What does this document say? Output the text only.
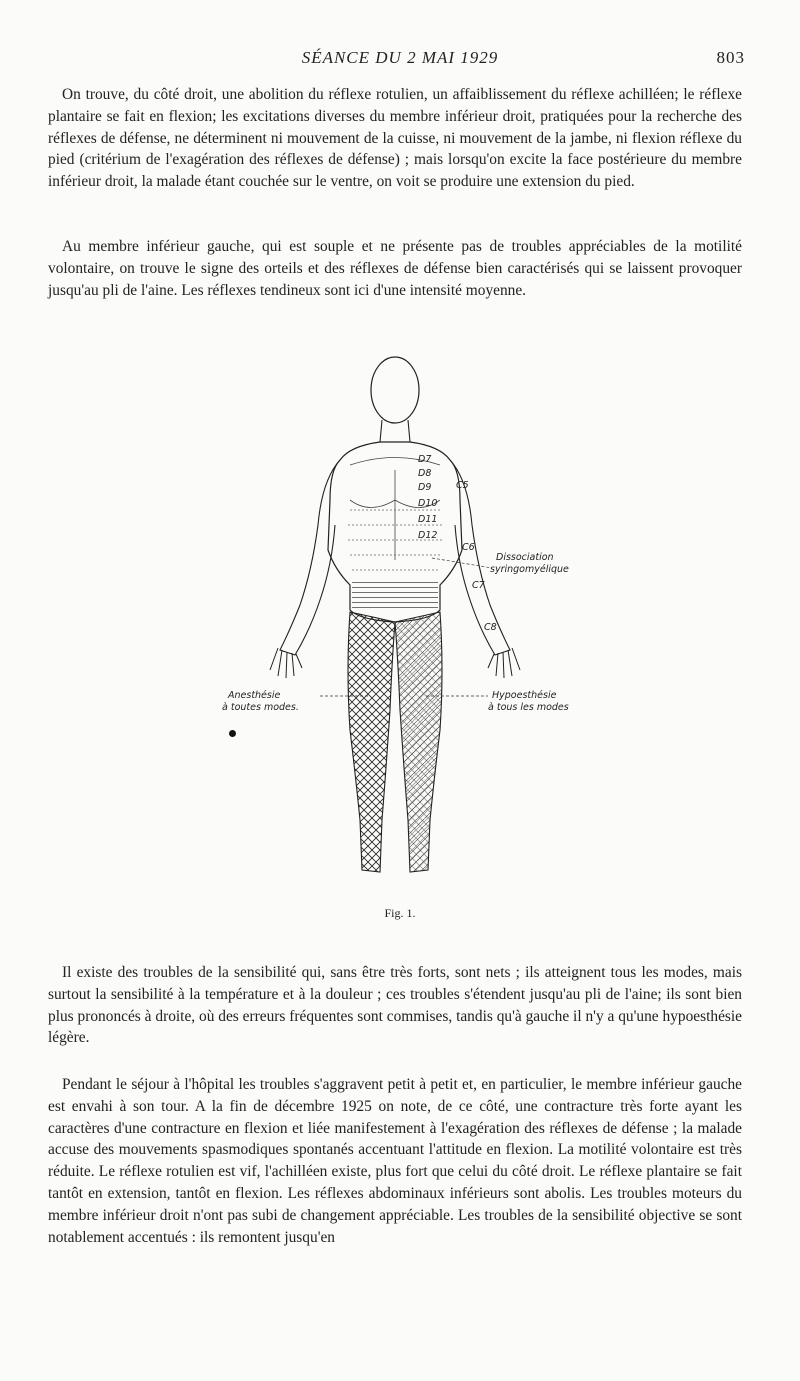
SÉANCE DU 2 MAI 1929	803

On trouve, du côté droit, une abolition du réflexe rotulien, un affaiblissement du réflexe achilléen; le réflexe plantaire se fait en flexion; les excitations diverses du membre inférieur droit, pratiquées pour la recherche des réflexes de défense, ne déterminent ni mouvement de la cuisse, ni mouvement de la jambe, ni flexion réflexe du pied (critérium de l'exagération des réflexes de défense) ; mais lorsqu'on excite la face postérieure du membre inférieur droit, la malade étant couchée sur le ventre, on voit se produire une extension du pied.

Au membre inférieur gauche, qui est souple et ne présente pas de troubles appréciables de la motilité volontaire, on trouve le signe des orteils et des réflexes de défense bien caractérisés qui se laissent provoquer jusqu'au pli de l'aine. Les réflexes tendineux sont ici d'une intensité moyenne.

D7
D8
D9
D10
D11
D12
C5
C6
C7
C8
Dissociation
syringomyélique
Anesthésie
à toutes modes.
Hypoesthésie
à tous les modes
Fig. 1.

Il existe des troubles de la sensibilité qui, sans être très forts, sont nets ; ils atteignent tous les modes, mais surtout la sensibilité à la température et à la douleur ; ces troubles s'étendent jusqu'au pli de l'aine; ils sont bien plus prononcés à droite, où des erreurs fréquentes sont commises, tandis qu'à gauche il n'y a qu'une hypoesthésie légère.

Pendant le séjour à l'hôpital les troubles s'aggravent petit à petit et, en particulier, le membre inférieur gauche est envahi à son tour. A la fin de décembre 1925 on note, de ce côté, une contracture très forte ayant les caractères d'une contracture en flexion et liée manifestement à l'exagération des réflexes de défense ; la malade accuse des mouvements spasmodiques spontanés accentuant l'attitude en flexion. La motilité volontaire est très réduite. Le réflexe rotulien est vif, l'achilléen existe, plus fort que celui du côté droit. Le réflexe plantaire se fait tantôt en extension, tantôt en flexion. Les réflexes abdominaux inférieurs sont abolis. Les troubles moteurs du membre inférieur droit n'ont pas subi de changement appréciable. Les troubles de la sensibilité objective se sont notablement accentués : ils remontent jusqu'en
